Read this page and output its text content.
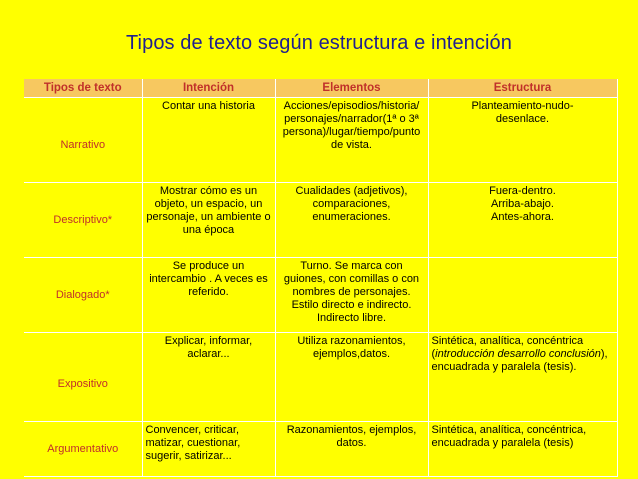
Tipos de texto según estructura e intención
Tipos de texto	Intención	Elementos	Estructura
Narrativo	Contar una historia	Acciones/episodios/historia/ personajes/narrador(1ª o 3ª persona)/lugar/tiempo/punto de vista.	Planteamiento-nudo-desenlace.
Descriptivo*	Mostrar cómo es un objeto, un espacio, un personaje, un ambiente o una época	Cualidades (adjetivos), comparaciones, enumeraciones.	Fuera-dentro. Arriba-abajo. Antes-ahora.
Dialogado*	Se produce un intercambio . A veces es referido.	Turno. Se marca con guiones, con comillas o con nombres de personajes. Estilo directo e indirecto. Indirecto libre.	
Expositivo	Explicar, informar, aclarar...	Utiliza razonamientos, ejemplos,datos.	Sintética, analítica, concéntrica (introducción desarrollo conclusión), encuadrada y paralela (tesis).
Argumentativo	Convencer, criticar, matizar, cuestionar, sugerir, satirizar...	Razonamientos, ejemplos, datos.	Sintética, analítica, concéntrica, encuadrada y paralela (tesis)
